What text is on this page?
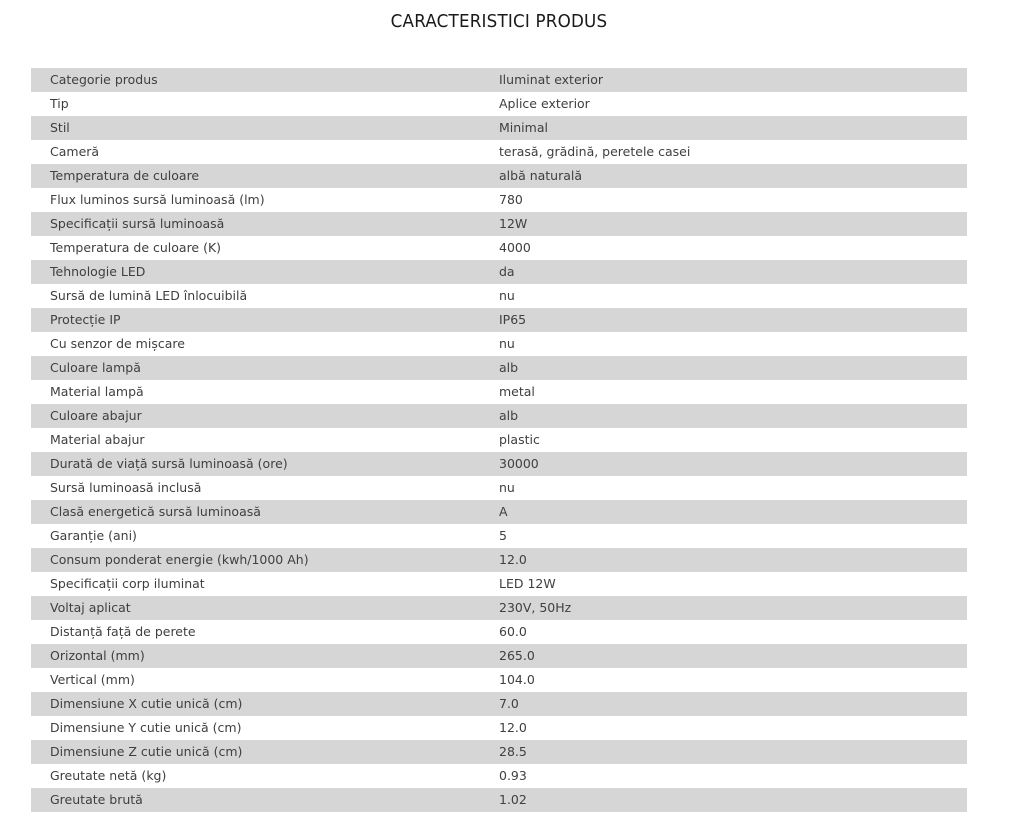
CARACTERISTICI PRODUS
Categorie produs	Iluminat exterior
Tip	Aplice exterior
Stil	Minimal
Cameră	terasă, grădină, peretele casei
Temperatura de culoare	albă naturală
Flux luminos sursă luminoasă (lm)	780
Specificații sursă luminoasă	12W
Temperatura de culoare (K)	4000
Tehnologie LED	da
Sursă de lumină LED înlocuibilă	nu
Protecție IP	IP65
Cu senzor de mișcare	nu
Culoare lampă	alb
Material lampă	metal
Culoare abajur	alb
Material abajur	plastic
Durată de viață sursă luminoasă (ore)	30000
Sursă luminoasă inclusă	nu
Clasă energetică sursă luminoasă	A
Garanție (ani)	5
Consum ponderat energie (kwh/1000 Ah)	12.0
Specificații corp iluminat	LED 12W
Voltaj aplicat	230V, 50Hz
Distanță față de perete	60.0
Orizontal (mm)	265.0
Vertical (mm)	104.0
Dimensiune X cutie unică (cm)	7.0
Dimensiune Y cutie unică (cm)	12.0
Dimensiune Z cutie unică (cm)	28.5
Greutate netă (kg)	0.93
Greutate brută	1.02
